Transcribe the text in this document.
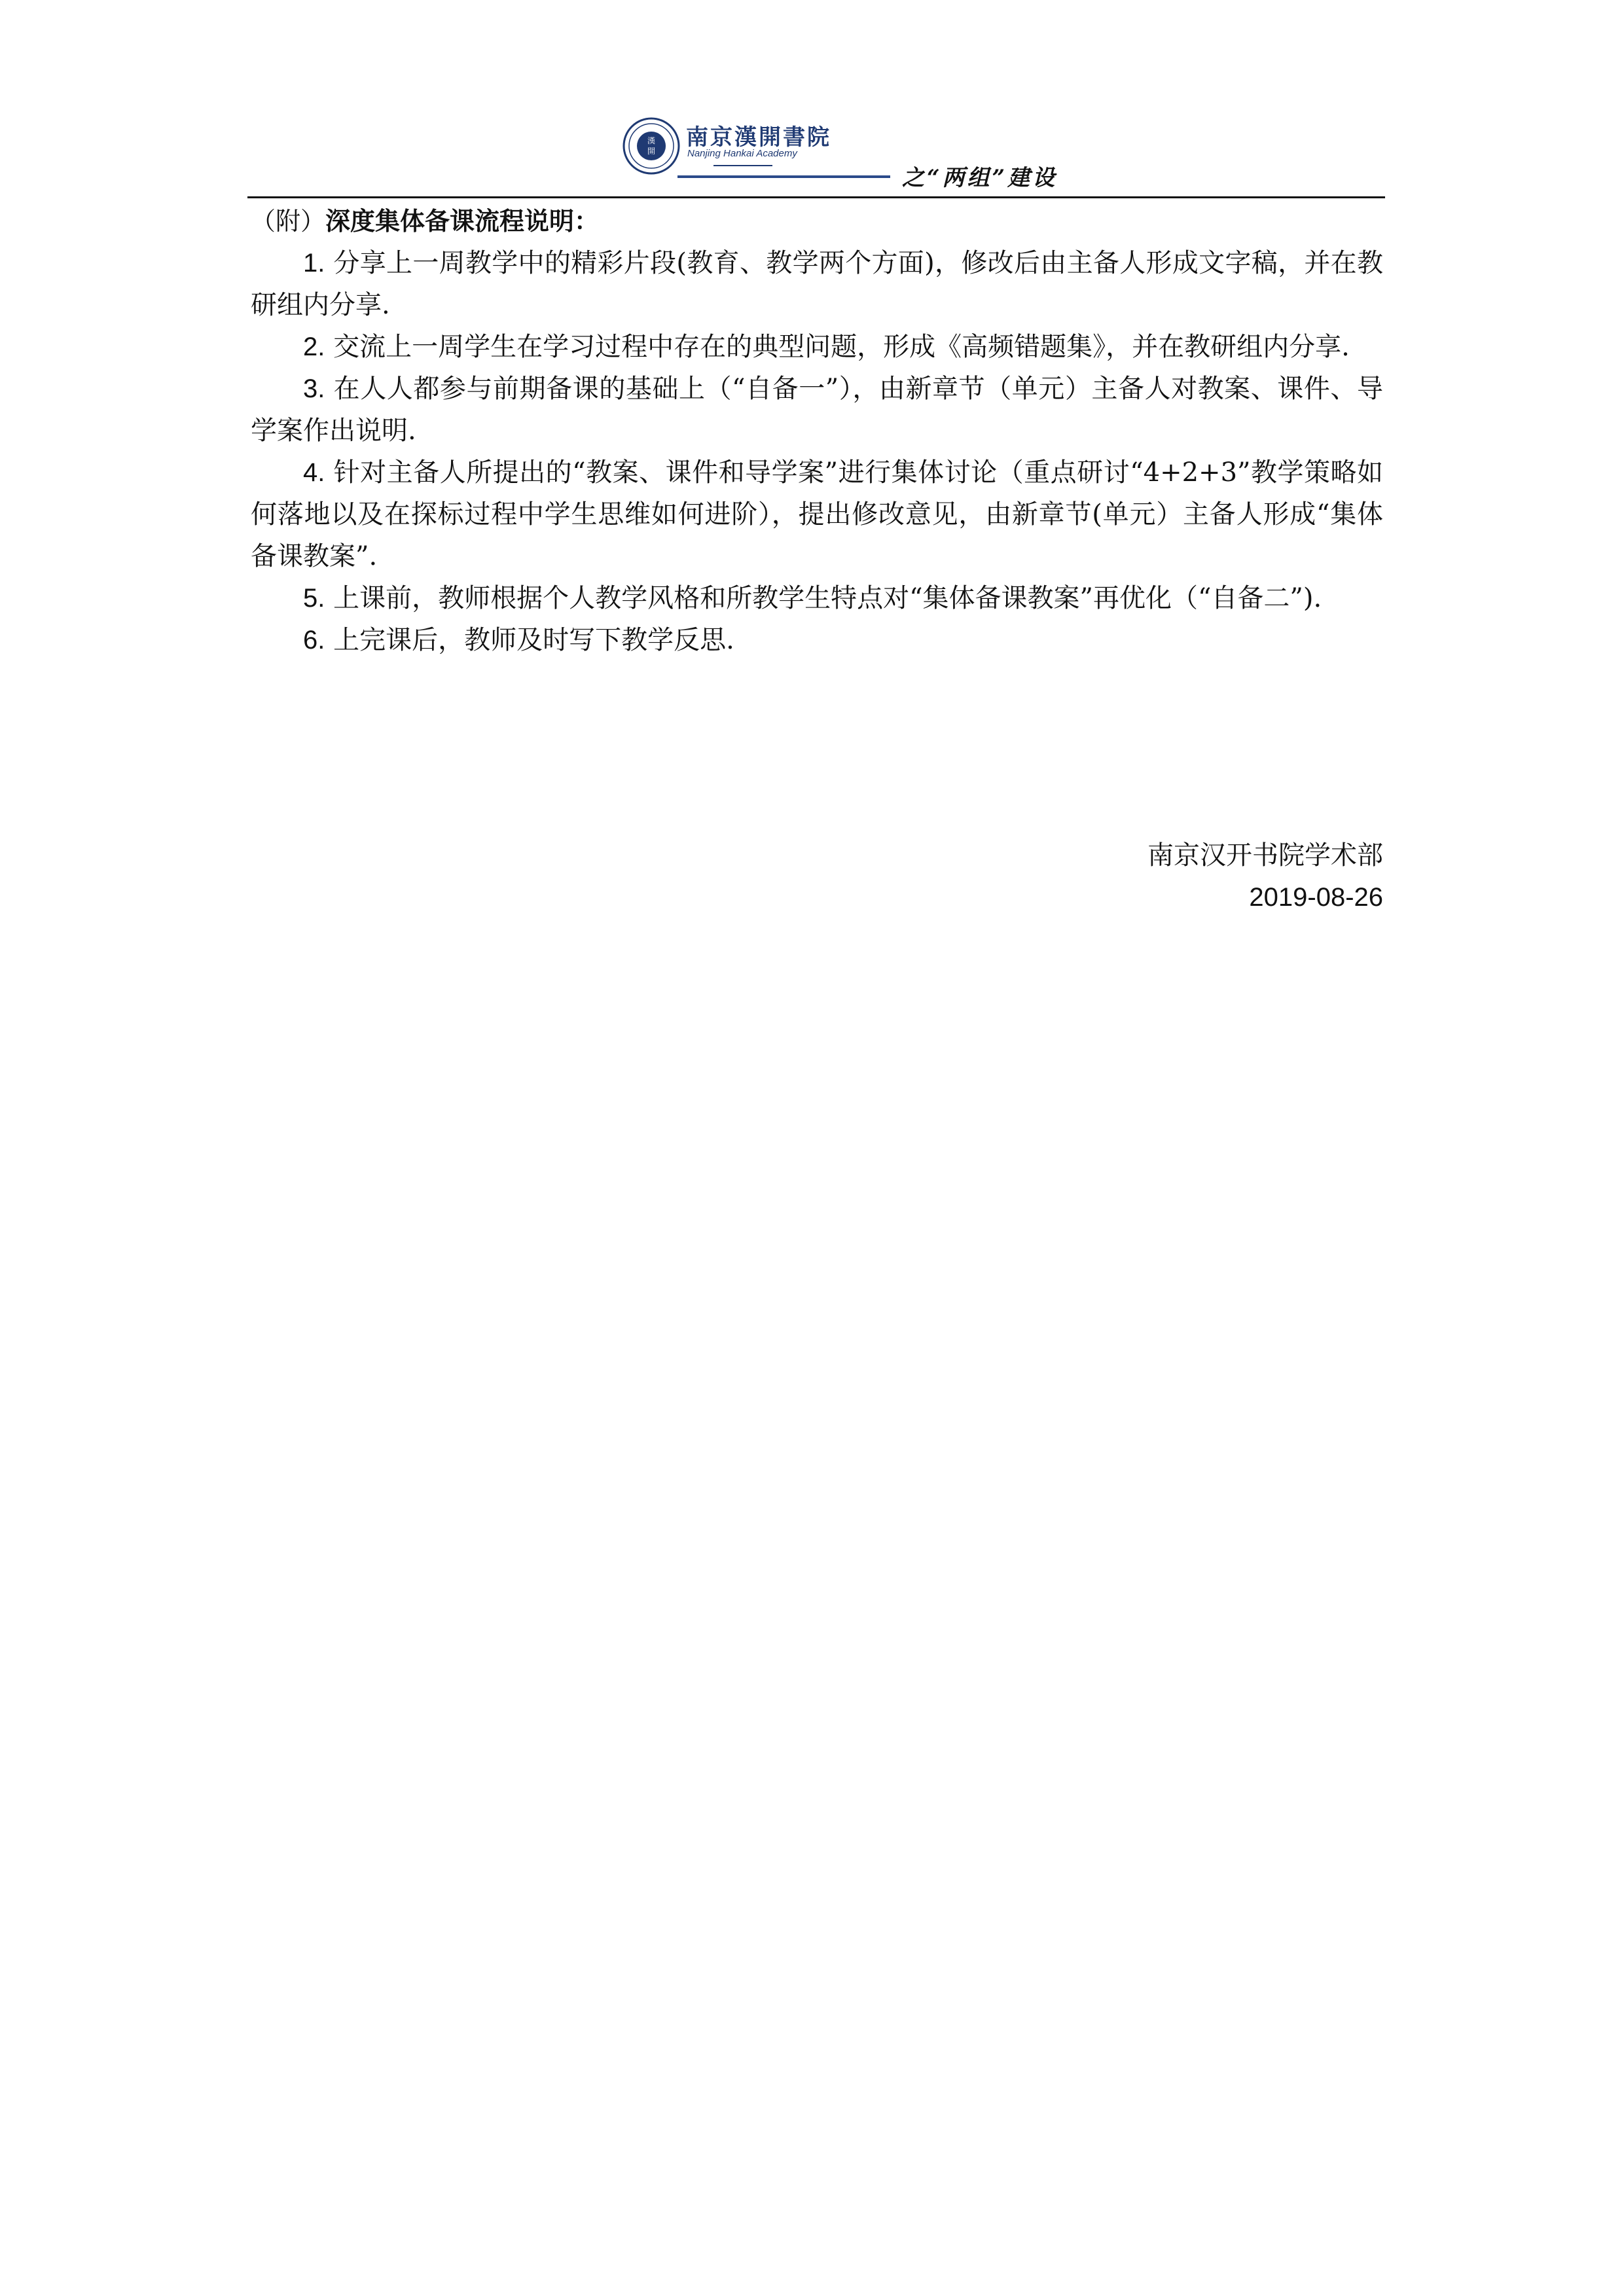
漢
開
南京漢開書院
Nanjing Hankai Academy
之“两组”建设
（附）深度集体备课流程说明：

1. 分享上一周教学中的精彩片段(教育、教学两个方面)，修改后由主备人形成文字稿，并在教研组内分享.

2. 交流上一周学生在学习过程中存在的典型问题，形成《高频错题集》，并在教研组内分享.

3. 在人人都参与前期备课的基础上（“自备一”），由新章节（单元）主备人对教案、课件、导学案作出说明.

4. 针对主备人所提出的“教案、课件和导学案”进行集体讨论（重点研讨“4+2+3”教学策略如何落地以及在探标过程中学生思维如何进阶），提出修改意见，由新章节(单元）主备人形成“集体备课教案”.

5. 上课前，教师根据个人教学风格和所教学生特点对“集体备课教案”再优化（“自备二”).

6. 上完课后，教师及时写下教学反思.

南京汉开书院学术部
2019-08-26
